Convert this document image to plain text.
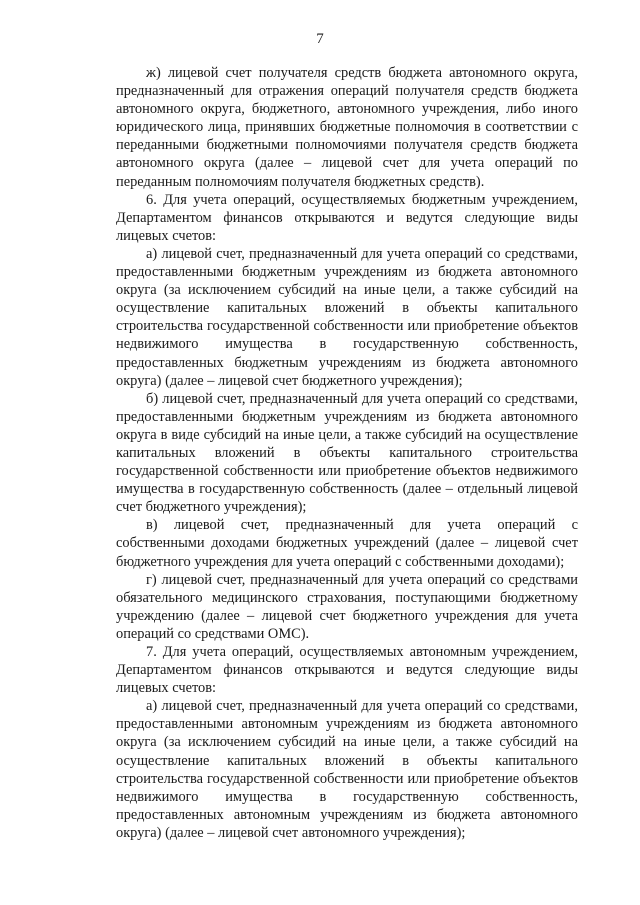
7

ж) лицевой счет получателя средств бюджета автономного округа, предназначенный для отражения операций получателя средств бюджета автономного округа, бюджетного, автономного учреждения, либо иного юридического лица, принявших бюджетные полномочия в соответствии с переданными бюджетными полномочиями получателя средств бюджета автономного округа (далее – лицевой счет для учета операций по переданным полномочиям получателя бюджетных средств).

6. Для учета операций, осуществляемых бюджетным учреждением, Департаментом финансов открываются и ведутся следующие виды лицевых счетов:

а) лицевой счет, предназначенный для учета операций со средствами, предоставленными бюджетным учреждениям из бюджета автономного округа (за исключением субсидий на иные цели, а также субсидий на осуществление капитальных вложений в объекты капитального строительства государственной собственности или приобретение объектов недвижимого имущества в государственную собственность, предоставленных бюджетным учреждениям из бюджета автономного округа) (далее – лицевой счет бюджетного учреждения);

б) лицевой счет, предназначенный для учета операций со средствами, предоставленными бюджетным учреждениям из бюджета автономного округа в виде субсидий на иные цели, а также субсидий на осуществление капитальных вложений в объекты капитального строительства государственной собственности или приобретение объектов недвижимого имущества в государственную собственность (далее – отдельный лицевой счет бюджетного учреждения);

в) лицевой счет, предназначенный для учета операций с собственными доходами бюджетных учреждений (далее – лицевой счет бюджетного учреждения для учета операций с собственными доходами);

г) лицевой счет, предназначенный для учета операций со средствами обязательного медицинского страхования, поступающими бюджетному учреждению (далее – лицевой счет бюджетного учреждения для учета операций со средствами ОМС).

7. Для учета операций, осуществляемых автономным учреждением, Департаментом финансов открываются и ведутся следующие виды лицевых счетов:

а) лицевой счет, предназначенный для учета операций со средствами, предоставленными автономным учреждениям из бюджета автономного округа (за исключением субсидий на иные цели, а также субсидий на осуществление капитальных вложений в объекты капитального строительства государственной собственности или приобретение объектов недвижимого имущества в государственную собственность, предоставленных автономным учреждениям из бюджета автономного округа) (далее – лицевой счет автономного учреждения);
